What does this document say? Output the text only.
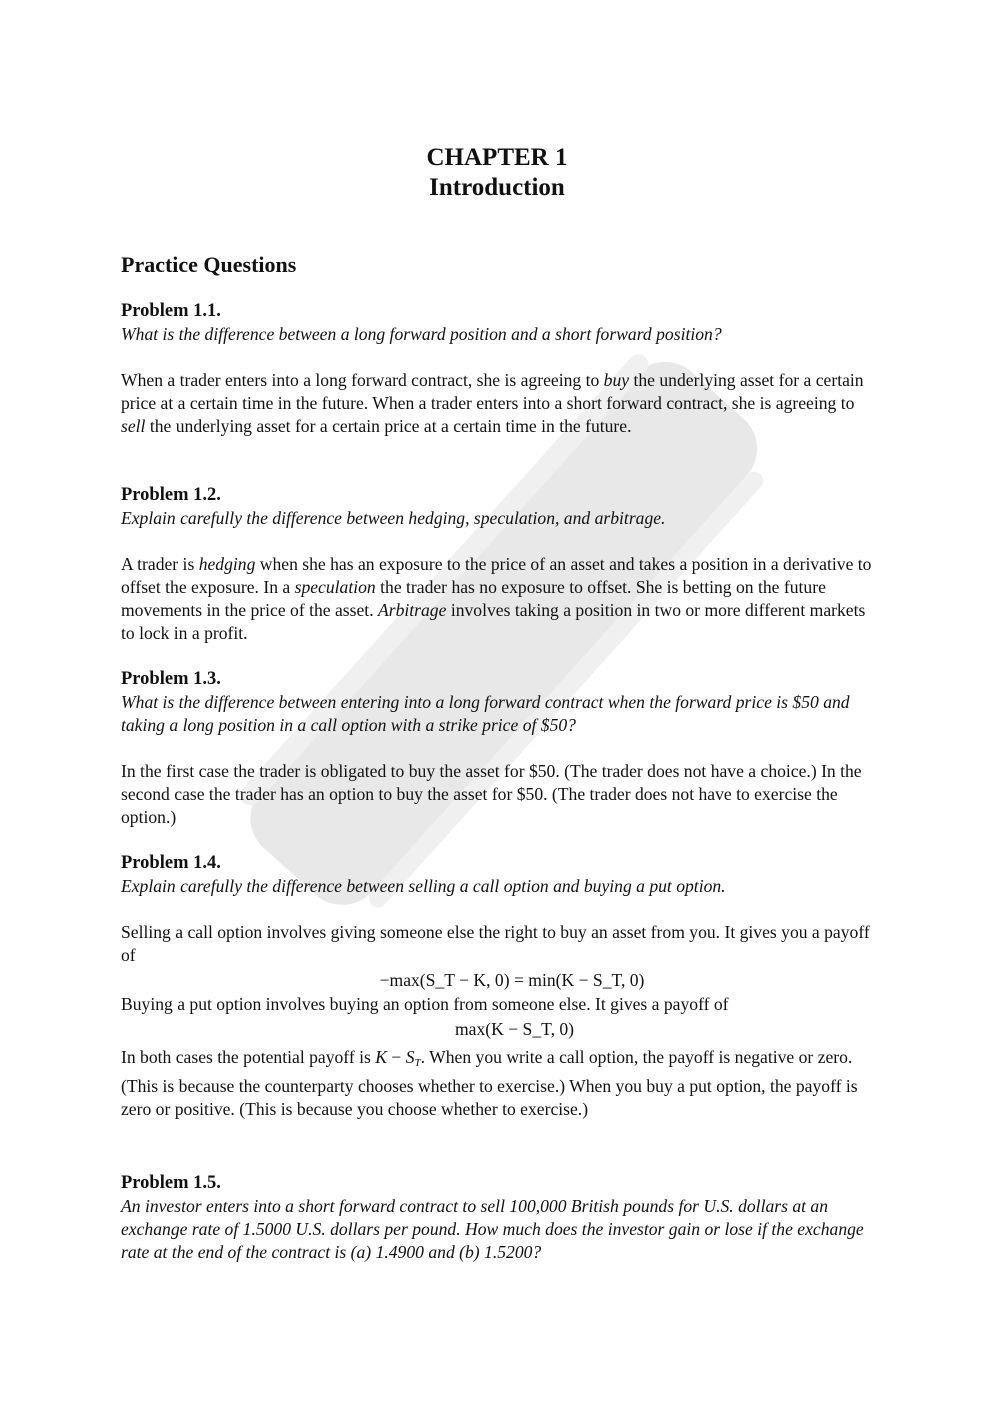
CHAPTER 1
Introduction
Practice Questions

Problem 1.1.

What is the difference between a long forward position and a short forward position?

When a trader enters into a long forward contract, she is agreeing to buy the underlying asset for a certain price at a certain time in the future. When a trader enters into a short forward contract, she is agreeing to sell the underlying asset for a certain price at a certain time in the future.

Problem 1.2.

Explain carefully the difference between hedging, speculation, and arbitrage.

A trader is hedging when she has an exposure to the price of an asset and takes a position in a derivative to offset the exposure. In a speculation the trader has no exposure to offset. She is betting on the future movements in the price of the asset. Arbitrage involves taking a position in two or more different markets to lock in a profit.

Problem 1.3.

What is the difference between entering into a long forward contract when the forward price is $50 and taking a long position in a call option with a strike price of $50?

In the first case the trader is obligated to buy the asset for $50. (The trader does not have a choice.) In the second case the trader has an option to buy the asset for $50. (The trader does not have to exercise the option.)

Problem 1.4.

Explain carefully the difference between selling a call option and buying a put option.

Selling a call option involves giving someone else the right to buy an asset from you. It gives you a payoff of

−max(S_T − K, 0) = min(K − S_T, 0)

Buying a put option involves buying an option from someone else. It gives a payoff of

max(K − S_T, 0)

In both cases the potential payoff is $K - S_T$. When you write a call option, the payoff is negative or zero. (This is because the counterparty chooses whether to exercise.) When you buy a put option, the payoff is zero or positive. (This is because you choose whether to exercise.)

Problem 1.5.

An investor enters into a short forward contract to sell 100,000 British pounds for U.S. dollars at an exchange rate of 1.5000 U.S. dollars per pound. How much does the investor gain or lose if the exchange rate at the end of the contract is (a) 1.4900 and (b) 1.5200?
